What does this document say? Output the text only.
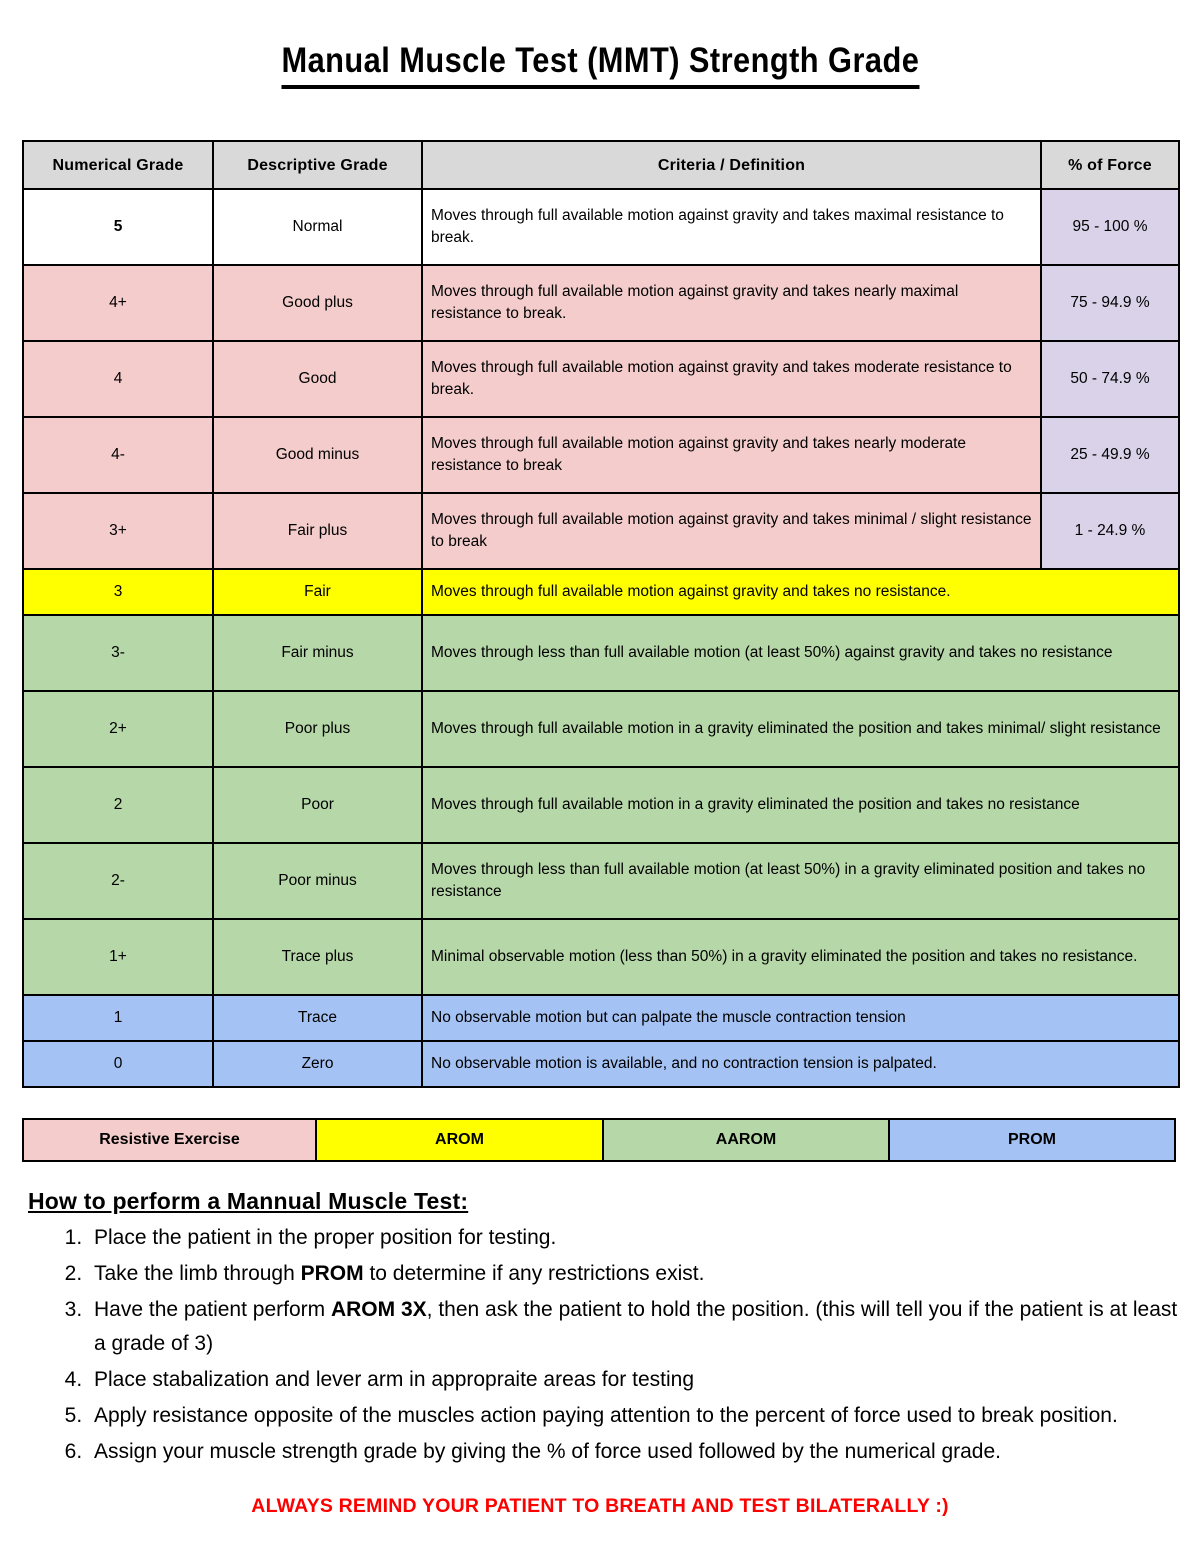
Manual Muscle Test (MMT) Strength Grade
Numerical Grade	Descriptive Grade	Criteria / Definition	% of Force
5	Normal	Moves through full available motion against gravity and takes maximal resistance to break.	95 - 100 %
4+	Good plus	Moves through full available motion against gravity and takes nearly maximal resistance to break.	75 - 94.9 %
4	Good	Moves through full available motion against gravity and takes moderate resistance to break.	50 - 74.9 %
4-	Good minus	Moves through full available motion against gravity and takes nearly moderate resistance to break	25 - 49.9 %
3+	Fair plus	Moves through full available motion against gravity and takes minimal / slight resistance to break	1 - 24.9 %
3	Fair	Moves through full available motion against gravity and takes no resistance.	
3-	Fair minus	Moves through less than full available motion (at least 50%) against gravity and takes no resistance	
2+	Poor plus	Moves through full available motion in a gravity eliminated the position and takes minimal/ slight resistance	
2	Poor	Moves through full available motion in a gravity eliminated the position and takes no resistance	
2-	Poor minus	Moves through less than full available motion (at least 50%) in a gravity eliminated position and takes no resistance	
1+	Trace plus	Minimal observable motion (less than 50%) in a gravity eliminated the position and takes no resistance.	
1	Trace	No observable motion but can palpate the muscle contraction tension	
0	Zero	No observable motion is available, and no contraction tension is palpated.	
Resistive Exercise	AROM	AAROM	PROM
How to perform a Mannual Muscle Test:
1. Place the patient in the proper position for testing.
2. Take the limb through PROM to determine if any restrictions exist.
3. Have the patient perform AROM 3X, then ask the patient to hold the position. (this will tell you if the patient is at least a grade of 3)
4. Place stabalization and lever arm in appropraite areas for testing
5. Apply resistance opposite of the muscles action paying attention to the percent of force used to break position.
6. Assign your muscle strength grade by giving the % of force used followed by the numerical grade.
ALWAYS REMIND YOUR PATIENT TO BREATH AND TEST BILATERALLY :)
